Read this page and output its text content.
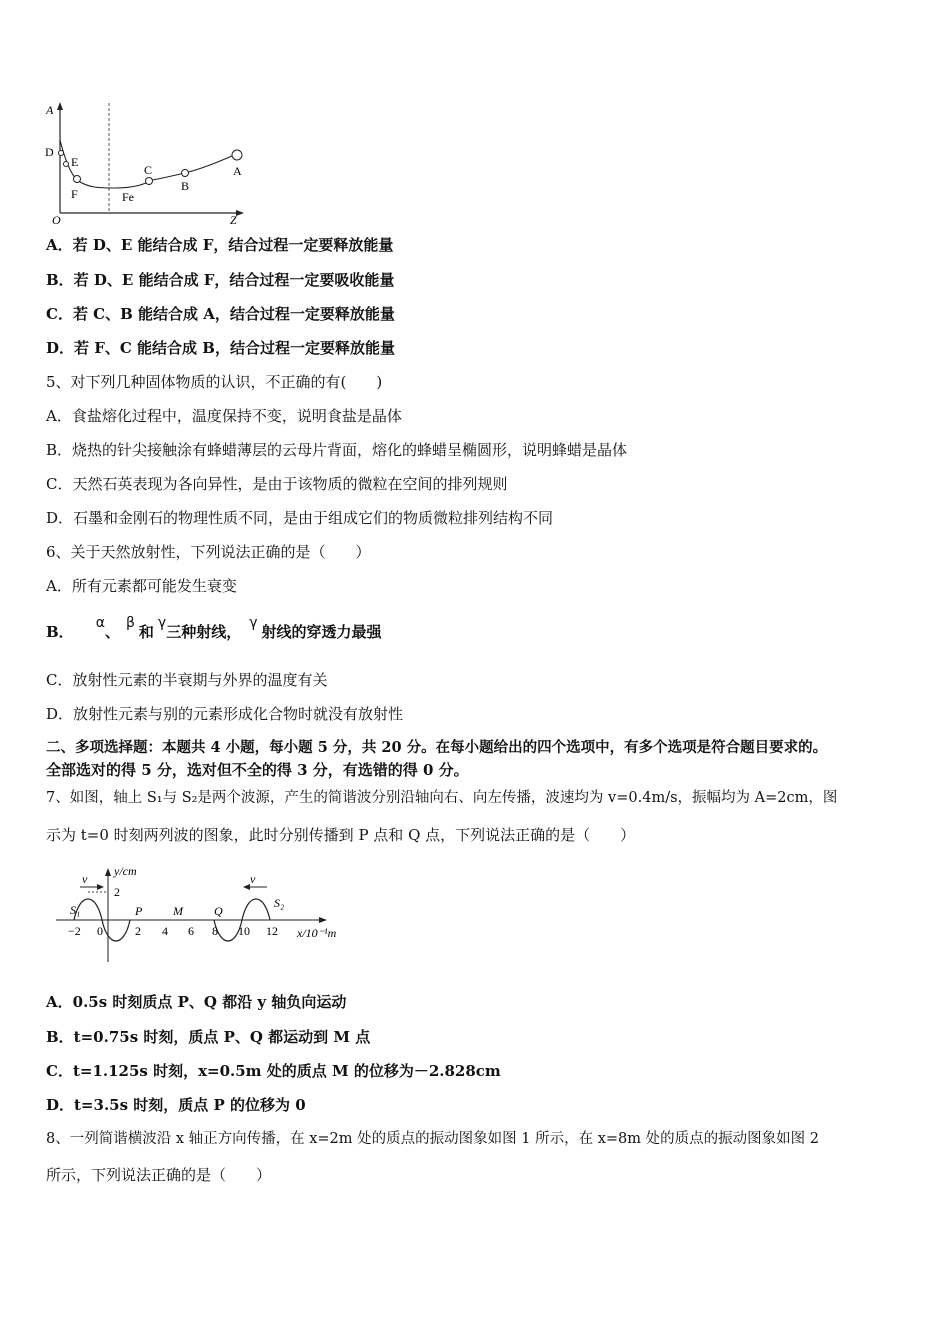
A
Z
O
D
E
F	Fe
C
B
A
A．若 D、E 能结合成 F，结合过程一定要释放能量
B．若 D、E 能结合成 F，结合过程一定要吸收能量
C．若 C、B 能结合成 A，结合过程一定要释放能量
D．若 F、C 能结合成 B，结合过程一定要释放能量
5、对下列几种固体物质的认识，不正确的有(　　)
A．食盐熔化过程中，温度保持不变，说明食盐是晶体
B．烧热的针尖接触涂有蜂蜡薄层的云母片背面，熔化的蜂蜡呈椭圆形，说明蜂蜡是晶体
C．天然石英表现为各向异性，是由于该物质的微粒在空间的排列规则
D．石墨和金刚石的物理性质不同，是由于组成它们的物质微粒排列结构不同
6、关于天然放射性，下列说法正确的是（　　）
A．所有元素都可能发生衰变
B． α、 β 和 γ三种射线， γ 射线的穿透力最强
C．放射性元素的半衰期与外界的温度有关
D．放射性元素与别的元素形成化合物时就没有放射性
二、多项选择题：本题共 4 小题，每小题 5 分，共 20 分。在每小题给出的四个选项中，有多个选项是符合题目要求的。
全部选对的得 5 分，选对但不全的得 3 分，有选错的得 0 分。
7、如图，轴上 S₁与 S₂是两个波源，产生的简谐波分别沿轴向右、向左传播，波速均为 v=0.4m/s，振幅均为 A=2cm，图
示为 t=0 时刻两列波的图象，此时分别传播到 P 点和 Q 点，下列说法正确的是（　　）
y/cm
2
v	v
S₁	S₂
P	M	Q
−2 0	2 4 6 8 10 12 x/10⁻¹m
A．0.5s 时刻质点 P、Q 都沿 y 轴负向运动
B．t=0.75s 时刻，质点 P、Q 都运动到 M 点
C．t=1.125s 时刻，x=0.5m 处的质点 M 的位移为－2.828cm
D．t=3.5s 时刻，质点 P 的位移为 0
8、一列简谐横波沿 x 轴正方向传播，在 x=2m 处的质点的振动图象如图 1 所示，在 x=8m 处的质点的振动图象如图 2
所示，下列说法正确的是（　　）
